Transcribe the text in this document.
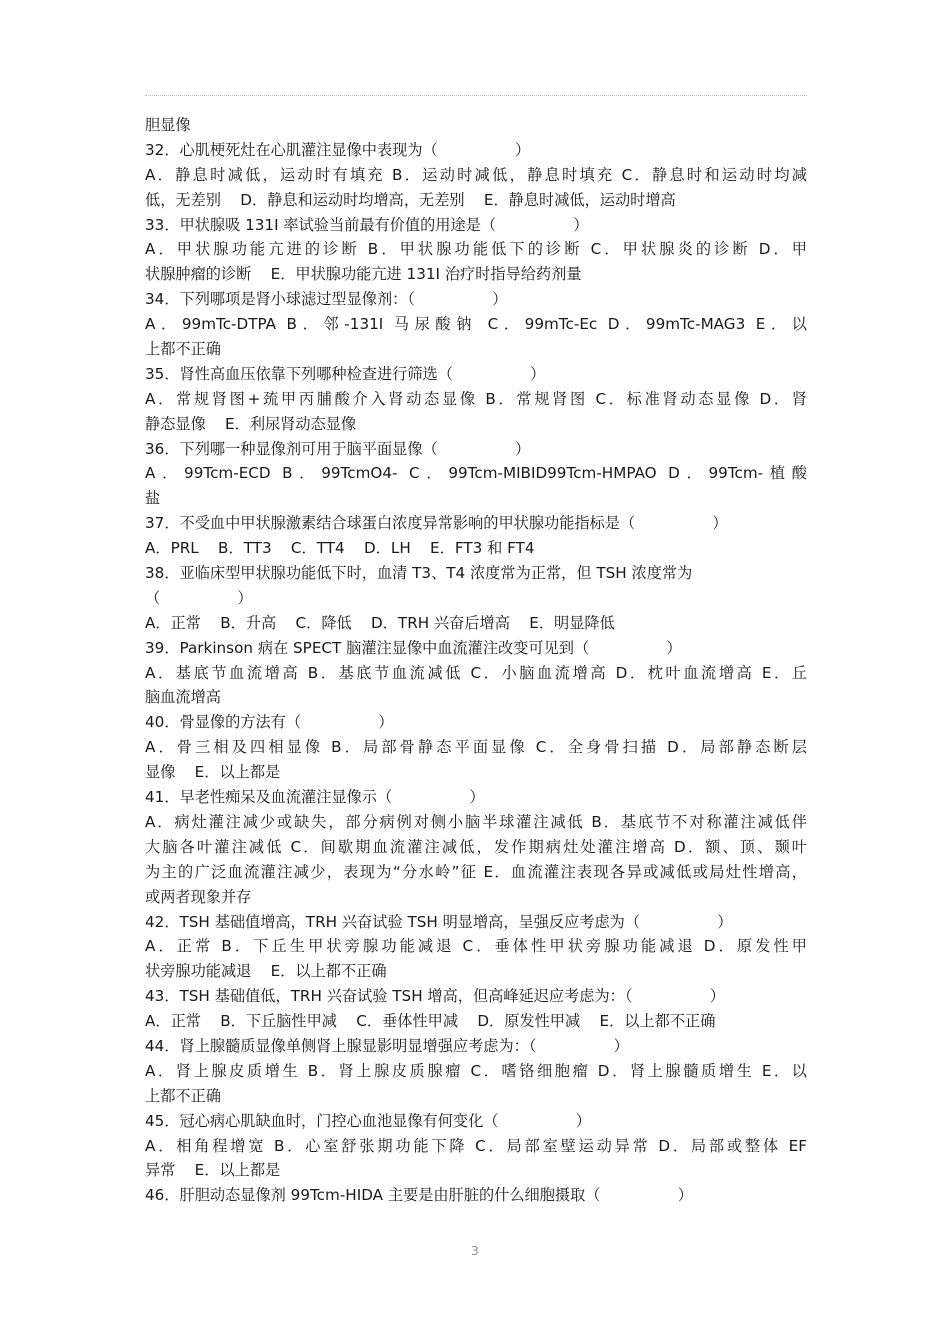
胆显像
32．心肌梗死灶在心肌灌注显像中表现为（                ）
A．静息时减低，运动时有填充 B．运动时减低，静息时填充 C．静息时和运动时均减
低，无差别    D．静息和运动时均增高，无差别    E．静息时减低，运动时增高
33．甲状腺吸 131I 率试验当前最有价值的用途是（                ）
A．甲状腺功能亢进的诊断 B．甲状腺功能低下的诊断 C．甲状腺炎的诊断 D．甲
状腺肿瘤的诊断    E．甲状腺功能亢进 131I 治疗时指导给药剂量
34．下列哪项是肾小球滤过型显像剂：（                ）
A．99mTc-DTPA B．邻-131I 马尿酸钠 C．99mTc-Ec D．99mTc-MAG3 E．以
上都不正确
35．肾性高血压依靠下列哪种检查进行筛选（                ）
A．常规肾图+巯甲丙脯酸介入肾动态显像 B．常规肾图 C．标准肾动态显像 D．肾
静态显像    E．利尿肾动态显像
36．下列哪一种显像剂可用于脑平面显像（                ）
A．99Tcm-ECD B．99TcmO4- C．99Tcm-MIBID99Tcm-HMPAO D．99Tcm-植酸
盐
37．不受血中甲状腺激素结合球蛋白浓度异常影响的甲状腺功能指标是（                ）
A．PRL    B．TT3    C．TT4    D．LH    E．FT3 和 FT4
38．亚临床型甲状腺功能低下时，血清 T3、T4 浓度常为正常，但 TSH 浓度常为
（                ）
A．正常    B．升高    C．降低    D．TRH 兴奋后增高    E．明显降低
39．Parkinson 病在 SPECT 脑灌注显像中血流灌注改变可见到（                ）
A．基底节血流增高 B．基底节血流减低 C．小脑血流增高 D．枕叶血流增高 E．丘
脑血流增高
40．骨显像的方法有（                ）
A．骨三相及四相显像 B．局部骨静态平面显像 C．全身骨扫描 D．局部静态断层
显像    E．以上都是
41．早老性痴呆及血流灌注显像示（                ）
A．病灶灌注减少或缺失，部分病例对侧小脑半球灌注减低 B．基底节不对称灌注减低伴
大脑各叶灌注减低 C．间歇期血流灌注减低，发作期病灶处灌注增高 D．额、顶、颞叶
为主的广泛血流灌注减少，表现为“分水岭”征 E．血流灌注表现各异或减低或局灶性增高，
或两者现象并存
42．TSH 基础值增高，TRH 兴奋试验 TSH 明显增高，呈强反应考虑为（                ）
A．正常 B．下丘生甲状旁腺功能减退 C．垂体性甲状旁腺功能减退 D．原发性甲
状旁腺功能减退    E．以上都不正确
43．TSH 基础值低，TRH 兴奋试验 TSH 增高，但高峰延迟应考虑为：（                ）
A．正常    B．下丘脑性甲减    C．垂体性甲减    D．原发性甲减    E．以上都不正确
44．肾上腺髓质显像单侧肾上腺显影明显增强应考虑为：（                ）
A．肾上腺皮质增生 B．肾上腺皮质腺瘤 C．嗜铬细胞瘤 D．肾上腺髓质增生 E．以
上都不正确
45．冠心病心肌缺血时，门控心血池显像有何变化（                ）
A．相角程增宽 B．心室舒张期功能下降 C．局部室壁运动异常 D．局部或整体 EF
异常    E．以上都是
46．肝胆动态显像剂 99Tcm-HIDA 主要是由肝脏的什么细胞摄取（                ）
3
